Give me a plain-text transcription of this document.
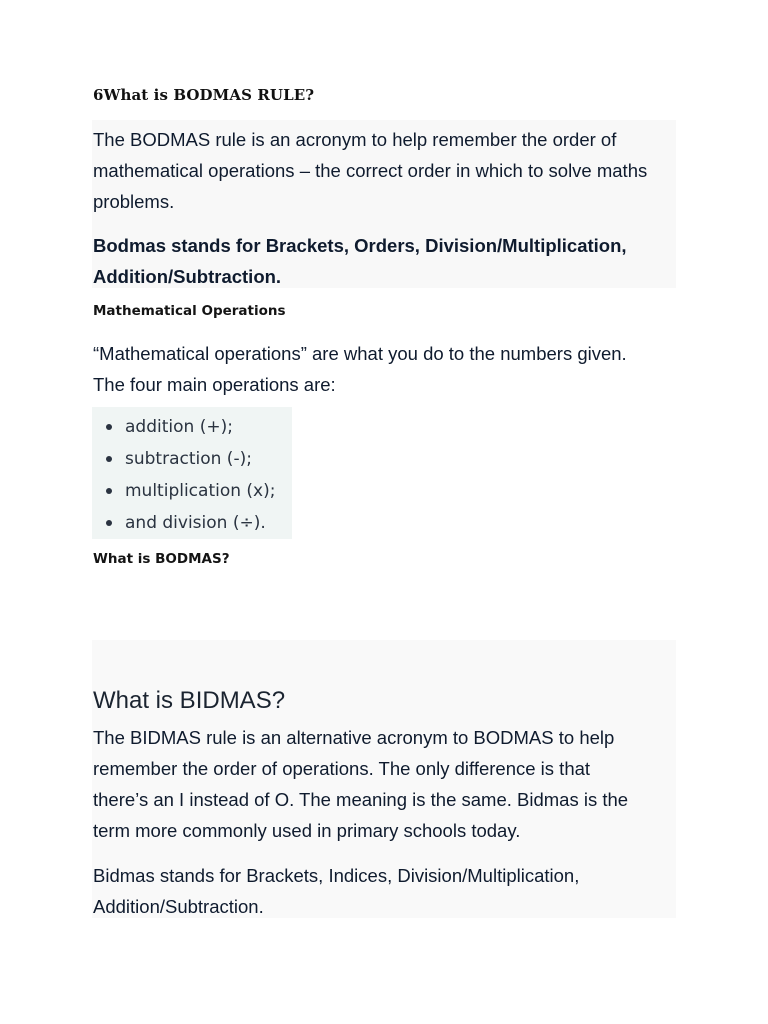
6What is BODMAS RULE?
The BODMAS rule is an acronym to help remember the order of
mathematical operations – the correct order in which to solve maths
problems.
Bodmas stands for Brackets, Orders, Division/Multiplication,
Addition/Subtraction.
Mathematical Operations
“Mathematical operations” are what you do to the numbers given.
The four main operations are:
addition (+);
subtraction (-);
multiplication (x);
and division (÷).
What is BODMAS?
What is BIDMAS?
The BIDMAS rule is an alternative acronym to BODMAS to help
remember the order of operations. The only difference is that
there’s an I instead of O. The meaning is the same. Bidmas is the
term more commonly used in primary schools today.
Bidmas stands for Brackets, Indices, Division/Multiplication,
Addition/Subtraction.
